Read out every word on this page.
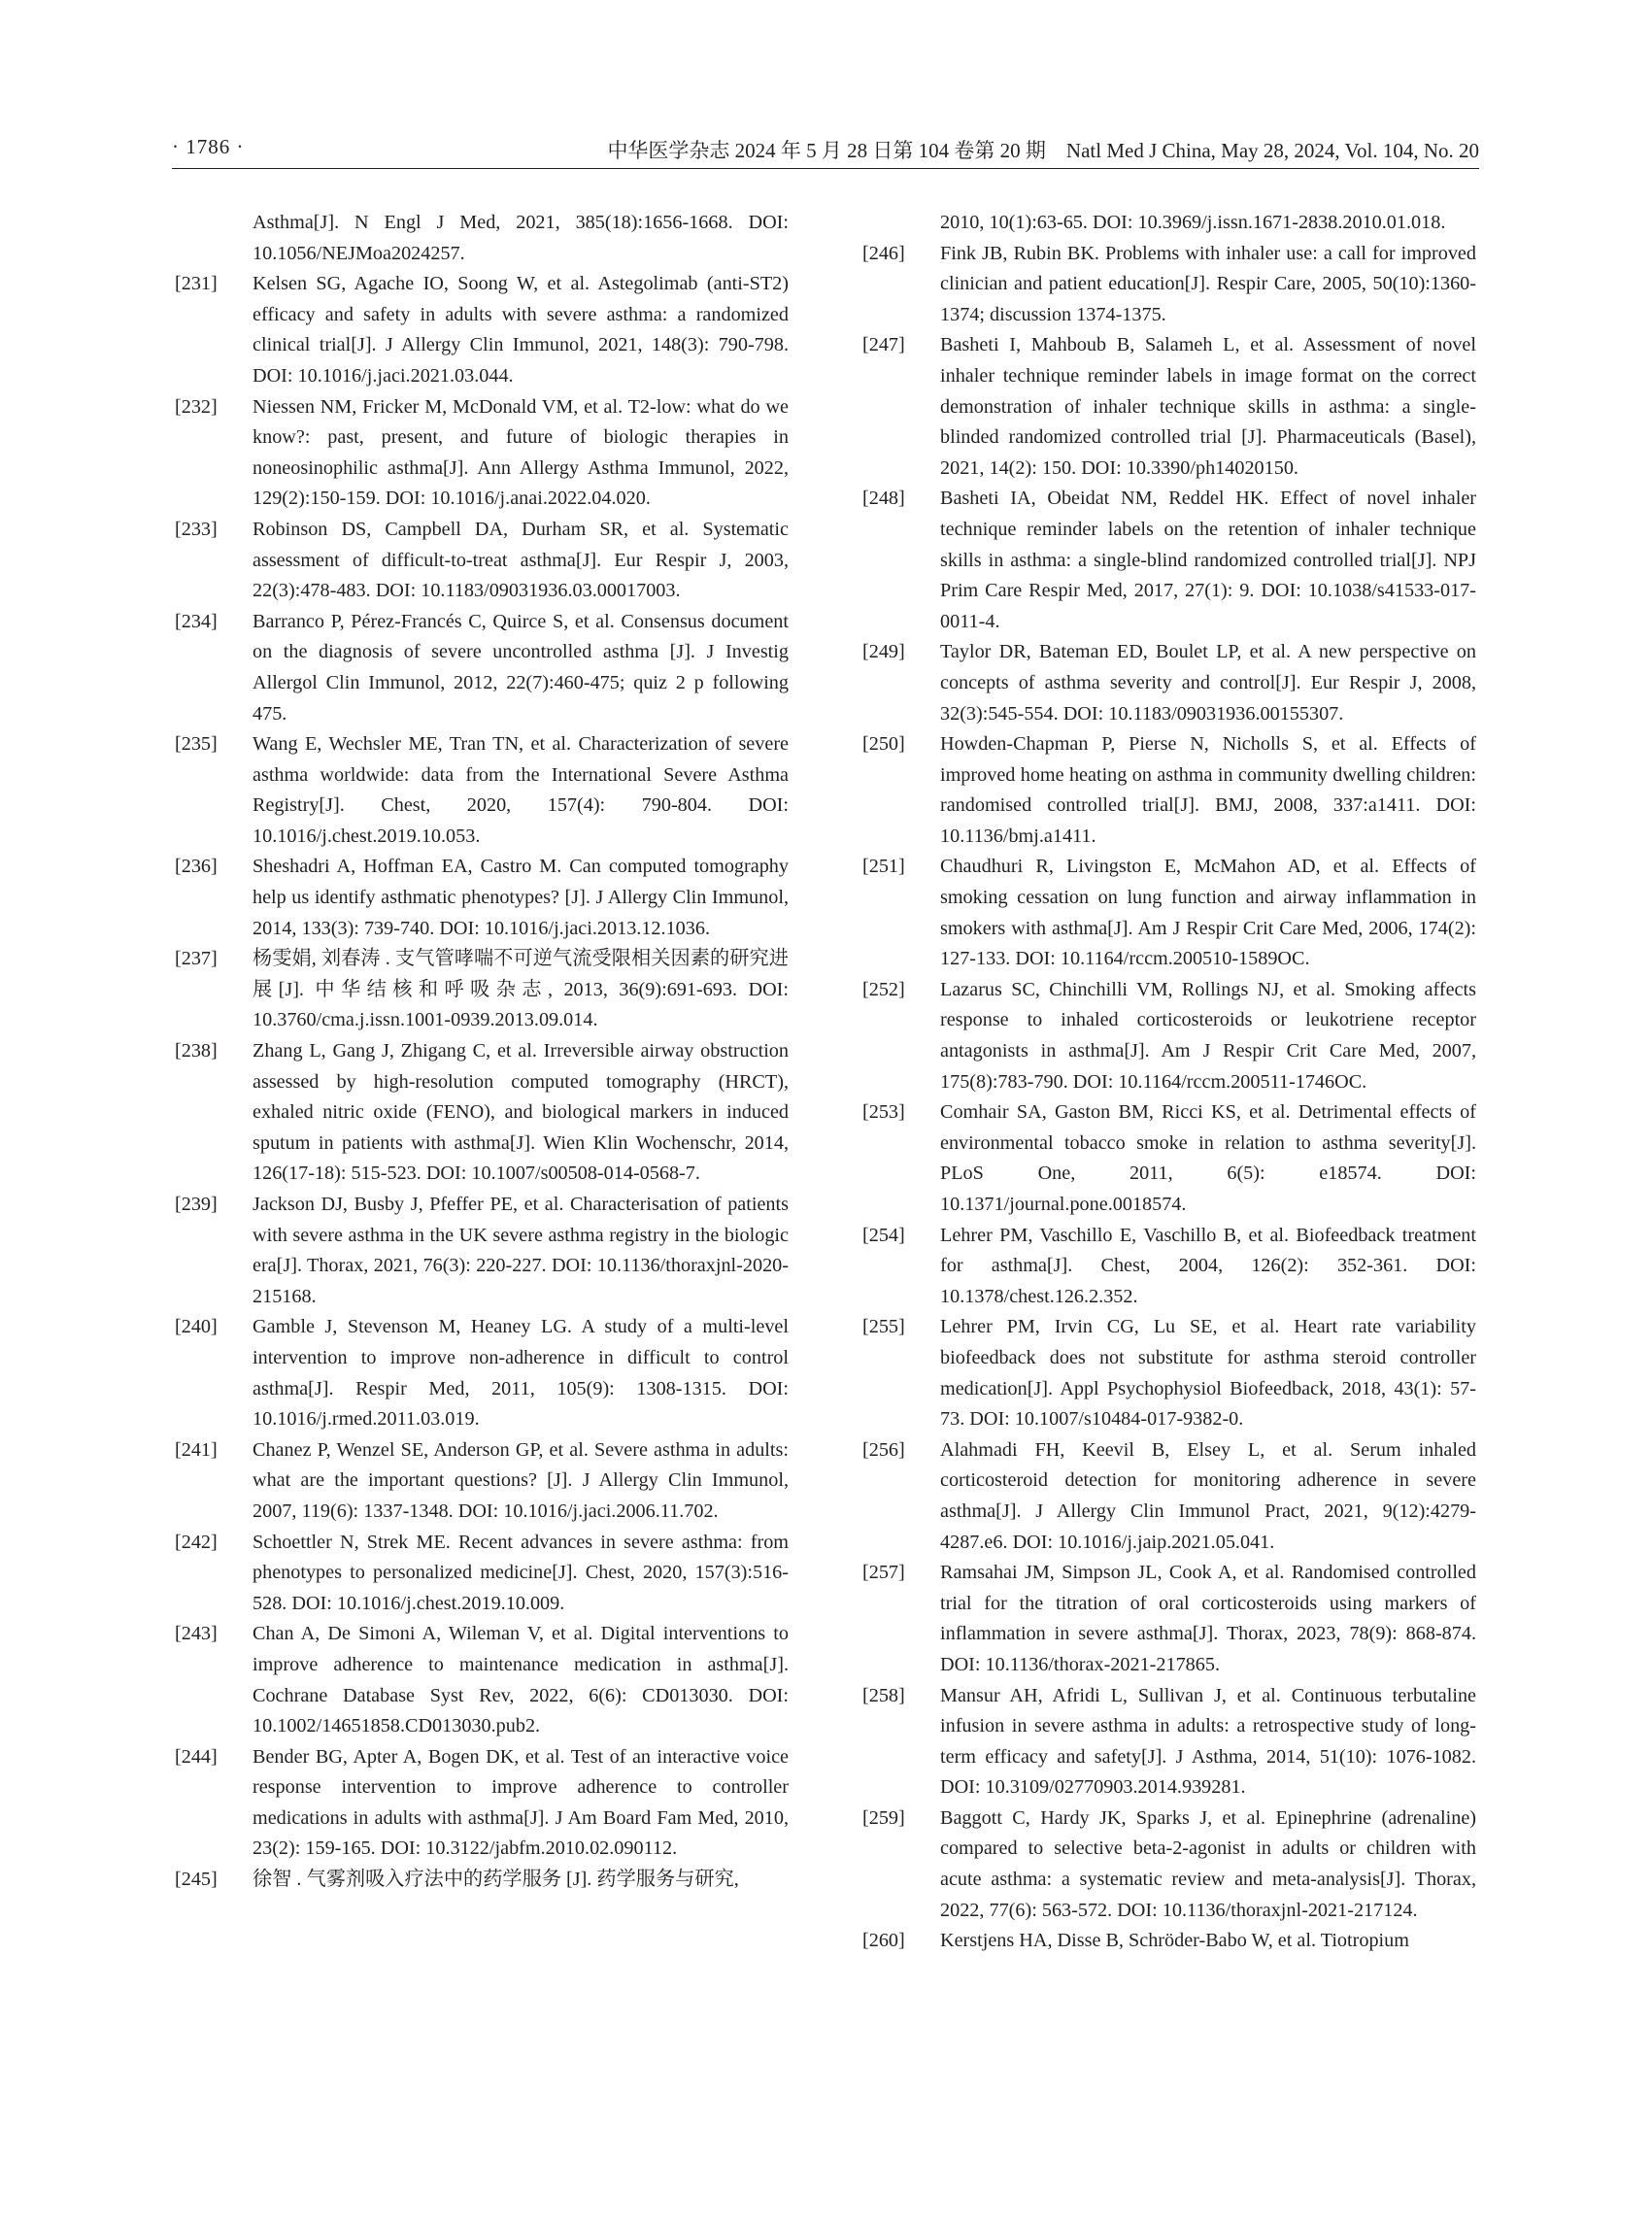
· 1786 ·	中华医学杂志 2024 年 5 月 28 日第 104 卷第 20 期　Natl Med J China, May 28, 2024, Vol. 104, No. 20

Asthma[J]. N Engl J Med, 2021, 385(18):1656-1668. DOI: 10.1056/NEJMoa2024257.

[231] Kelsen SG, Agache IO, Soong W, et al. Astegolimab (anti-ST2) efficacy and safety in adults with severe asthma: a randomized clinical trial[J]. J Allergy Clin Immunol, 2021, 148(3): 790-798. DOI: 10.1016/j.jaci.2021.03.044.

[232] Niessen NM, Fricker M, McDonald VM, et al. T2-low: what do we know?: past, present, and future of biologic therapies in noneosinophilic asthma[J]. Ann Allergy Asthma Immunol, 2022, 129(2):150-159. DOI: 10.1016/j.anai.2022.04.020.

[233] Robinson DS, Campbell DA, Durham SR, et al. Systematic assessment of difficult-to-treat asthma[J]. Eur Respir J, 2003, 22(3):478-483. DOI: 10.1183/09031936.03.00017003.

[234] Barranco P, Pérez-Francés C, Quirce S, et al. Consensus document on the diagnosis of severe uncontrolled asthma [J]. J Investig Allergol Clin Immunol, 2012, 22(7):460-475; quiz 2 p following 475.

[235] Wang E, Wechsler ME, Tran TN, et al. Characterization of severe asthma worldwide: data from the International Severe Asthma Registry[J]. Chest, 2020, 157(4): 790-804. DOI: 10.1016/j.chest.2019.10.053.

[236] Sheshadri A, Hoffman EA, Castro M. Can computed tomography help us identify asthmatic phenotypes? [J]. J Allergy Clin Immunol, 2014, 133(3): 739-740. DOI: 10.1016/j.jaci.2013.12.1036.

[237] 杨雯娟, 刘春涛 . 支气管哮喘不可逆气流受限相关因素的研究进展[J]. 中华结核和呼吸杂志, 2013, 36(9):691-693. DOI: 10.3760/cma.j.issn.1001-0939.2013.09.014.

[238] Zhang L, Gang J, Zhigang C, et al. Irreversible airway obstruction assessed by high-resolution computed tomography (HRCT), exhaled nitric oxide (FENO), and biological markers in induced sputum in patients with asthma[J]. Wien Klin Wochenschr, 2014, 126(17-18): 515-523. DOI: 10.1007/s00508-014-0568-7.

[239] Jackson DJ, Busby J, Pfeffer PE, et al. Characterisation of patients with severe asthma in the UK severe asthma registry in the biologic era[J]. Thorax, 2021, 76(3): 220-227. DOI: 10.1136/thoraxjnl-2020-215168.

[240] Gamble J, Stevenson M, Heaney LG. A study of a multi-level intervention to improve non-adherence in difficult to control asthma[J]. Respir Med, 2011, 105(9): 1308-1315. DOI: 10.1016/j.rmed.2011.03.019.

[241] Chanez P, Wenzel SE, Anderson GP, et al. Severe asthma in adults: what are the important questions? [J]. J Allergy Clin Immunol, 2007, 119(6): 1337-1348. DOI: 10.1016/j.jaci.2006.11.702.

[242] Schoettler N, Strek ME. Recent advances in severe asthma: from phenotypes to personalized medicine[J]. Chest, 2020, 157(3):516-528. DOI: 10.1016/j.chest.2019.10.009.

[243] Chan A, De Simoni A, Wileman V, et al. Digital interventions to improve adherence to maintenance medication in asthma[J]. Cochrane Database Syst Rev, 2022, 6(6): CD013030. DOI: 10.1002/14651858.CD013030.pub2.

[244] Bender BG, Apter A, Bogen DK, et al. Test of an interactive voice response intervention to improve adherence to controller medications in adults with asthma[J]. J Am Board Fam Med, 2010, 23(2): 159-165. DOI: 10.3122/jabfm.2010.02.090112.

[245] 徐智 . 气雾剂吸入疗法中的药学服务 [J]. 药学服务与研究,

2010, 10(1):63-65. DOI: 10.3969/j.issn.1671-2838.2010.01.018.

[246] Fink JB, Rubin BK. Problems with inhaler use: a call for improved clinician and patient education[J]. Respir Care, 2005, 50(10):1360-1374; discussion 1374-1375.

[247] Basheti I, Mahboub B, Salameh L, et al. Assessment of novel inhaler technique reminder labels in image format on the correct demonstration of inhaler technique skills in asthma: a single-blinded randomized controlled trial [J]. Pharmaceuticals (Basel), 2021, 14(2): 150. DOI: 10.3390/ph14020150.

[248] Basheti IA, Obeidat NM, Reddel HK. Effect of novel inhaler technique reminder labels on the retention of inhaler technique skills in asthma: a single-blind randomized controlled trial[J]. NPJ Prim Care Respir Med, 2017, 27(1): 9. DOI: 10.1038/s41533-017-0011-4.

[249] Taylor DR, Bateman ED, Boulet LP, et al. A new perspective on concepts of asthma severity and control[J]. Eur Respir J, 2008, 32(3):545-554. DOI: 10.1183/09031936.00155307.

[250] Howden-Chapman P, Pierse N, Nicholls S, et al. Effects of improved home heating on asthma in community dwelling children: randomised controlled trial[J]. BMJ, 2008, 337:a1411. DOI: 10.1136/bmj.a1411.

[251] Chaudhuri R, Livingston E, McMahon AD, et al. Effects of smoking cessation on lung function and airway inflammation in smokers with asthma[J]. Am J Respir Crit Care Med, 2006, 174(2): 127-133. DOI: 10.1164/rccm.200510-1589OC.

[252] Lazarus SC, Chinchilli VM, Rollings NJ, et al. Smoking affects response to inhaled corticosteroids or leukotriene receptor antagonists in asthma[J]. Am J Respir Crit Care Med, 2007, 175(8):783-790. DOI: 10.1164/rccm.200511-1746OC.

[253] Comhair SA, Gaston BM, Ricci KS, et al. Detrimental effects of environmental tobacco smoke in relation to asthma severity[J]. PLoS One, 2011, 6(5): e18574. DOI: 10.1371/journal.pone.0018574.

[254] Lehrer PM, Vaschillo E, Vaschillo B, et al. Biofeedback treatment for asthma[J]. Chest, 2004, 126(2): 352-361. DOI: 10.1378/chest.126.2.352.

[255] Lehrer PM, Irvin CG, Lu SE, et al. Heart rate variability biofeedback does not substitute for asthma steroid controller medication[J]. Appl Psychophysiol Biofeedback, 2018, 43(1): 57-73. DOI: 10.1007/s10484-017-9382-0.

[256] Alahmadi FH, Keevil B, Elsey L, et al. Serum inhaled corticosteroid detection for monitoring adherence in severe asthma[J]. J Allergy Clin Immunol Pract, 2021, 9(12):4279-4287.e6. DOI: 10.1016/j.jaip.2021.05.041.

[257] Ramsahai JM, Simpson JL, Cook A, et al. Randomised controlled trial for the titration of oral corticosteroids using markers of inflammation in severe asthma[J]. Thorax, 2023, 78(9): 868-874. DOI: 10.1136/thorax-2021-217865.

[258] Mansur AH, Afridi L, Sullivan J, et al. Continuous terbutaline infusion in severe asthma in adults: a retrospective study of long-term efficacy and safety[J]. J Asthma, 2014, 51(10): 1076-1082. DOI: 10.3109/02770903.2014.939281.

[259] Baggott C, Hardy JK, Sparks J, et al. Epinephrine (adrenaline) compared to selective beta-2-agonist in adults or children with acute asthma: a systematic review and meta-analysis[J]. Thorax, 2022, 77(6): 563-572. DOI: 10.1136/thoraxjnl-2021-217124.

[260] Kerstjens HA, Disse B, Schröder-Babo W, et al. Tiotropium
